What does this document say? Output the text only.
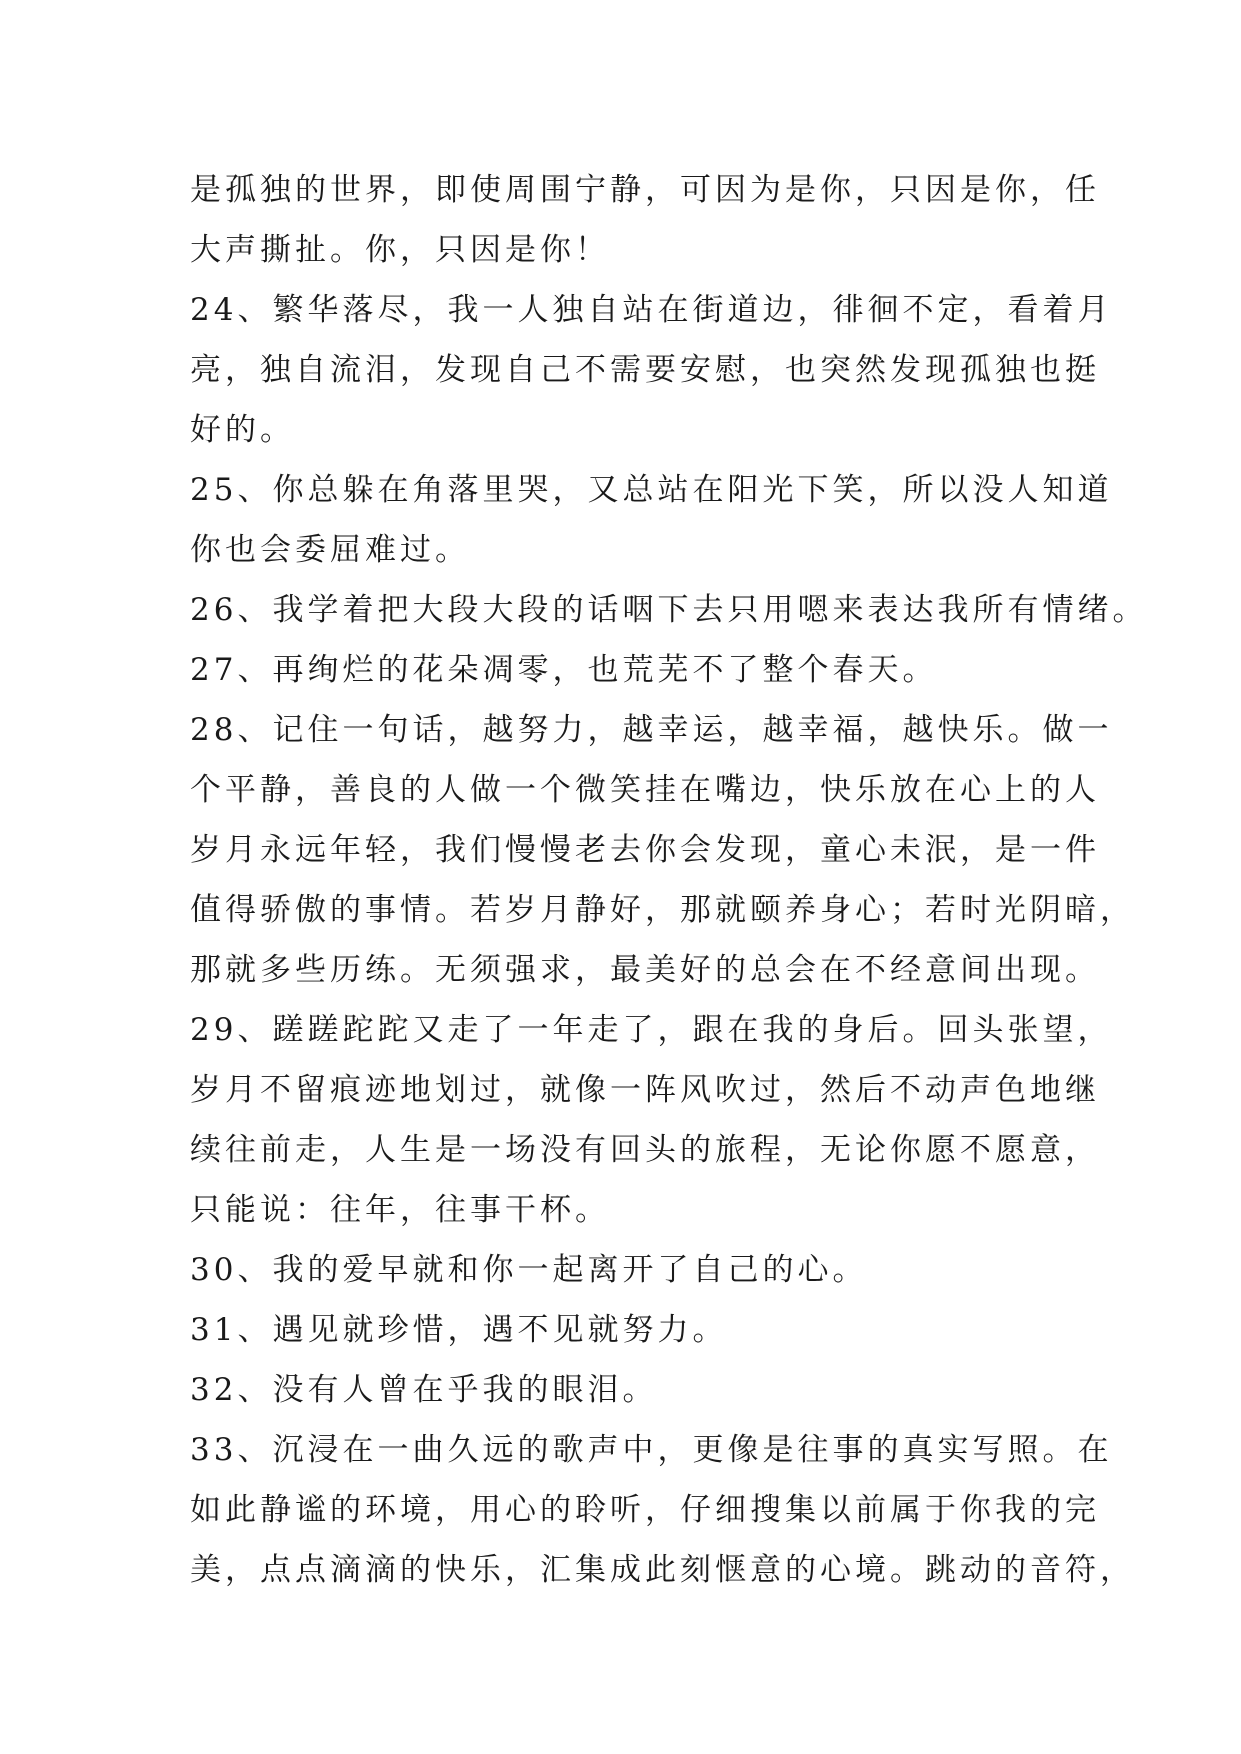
是孤独的世界，即使周围宁静，可因为是你，只因是你，任
大声撕扯。你，只因是你！
24、繁华落尽，我一人独自站在街道边，徘徊不定，看着月
亮，独自流泪，发现自己不需要安慰，也突然发现孤独也挺
好的。
25、你总躲在角落里哭，又总站在阳光下笑，所以没人知道
你也会委屈难过。
26、我学着把大段大段的话咽下去只用嗯来表达我所有情绪。
27、再绚烂的花朵凋零，也荒芜不了整个春天。
28、记住一句话，越努力，越幸运，越幸福，越快乐。做一
个平静，善良的人做一个微笑挂在嘴边，快乐放在心上的人
岁月永远年轻，我们慢慢老去你会发现，童心未泯，是一件
值得骄傲的事情。若岁月静好，那就颐养身心；若时光阴暗，
那就多些历练。无须强求，最美好的总会在不经意间出现。
29、蹉蹉跎跎又走了一年走了，跟在我的身后。回头张望，
岁月不留痕迹地划过，就像一阵风吹过，然后不动声色地继
续往前走，人生是一场没有回头的旅程，无论你愿不愿意，
只能说：往年，往事干杯。
30、我的爱早就和你一起离开了自己的心。
31、遇见就珍惜，遇不见就努力。
32、没有人曾在乎我的眼泪。
33、沉浸在一曲久远的歌声中，更像是往事的真实写照。在
如此静谧的环境，用心的聆听，仔细搜集以前属于你我的完
美，点点滴滴的快乐，汇集成此刻惬意的心境。跳动的音符，
